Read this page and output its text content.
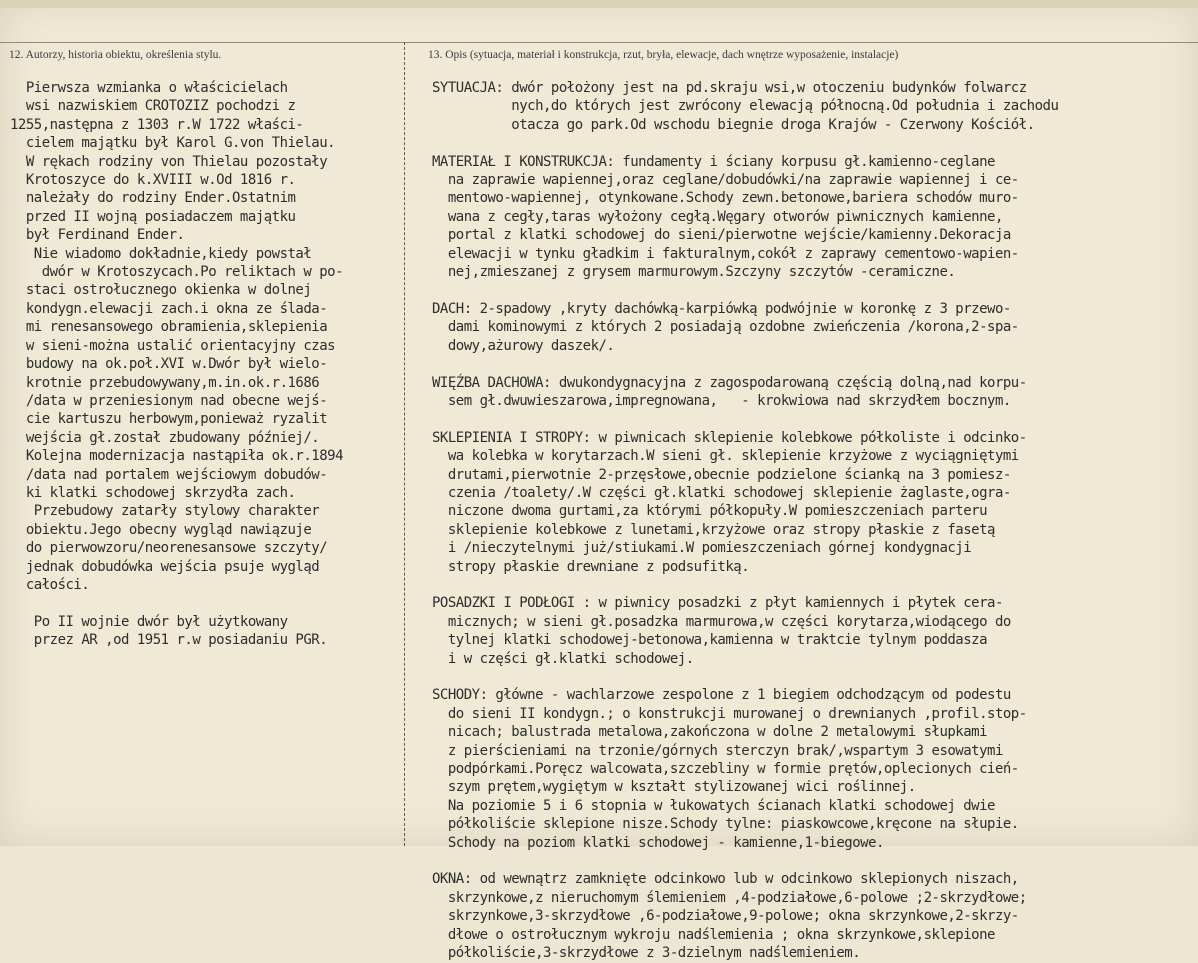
12. Autorzy, historia obiektu, określenia stylu.	13. Opis (sytuacja, materiał i konstrukcja, rzut, bryła, elewacje, dach wnętrze wyposażenie, instalacje)

Pierwsza wzmianka o właścicielach

wsi nazwiskiem CROTOZIZ pochodzi z

1255,następna z 1303 r.W 1722 właści-

cielem majątku był Karol G.von Thielau.

W rękach rodziny von Thielau pozostały

Krotoszyce do k.XVIII w.Od 1816 r.

należały do rodziny Ender.Ostatnim

przed II wojną posiadaczem majątku

był Ferdinand Ender.

Nie wiadomo dokładnie,kiedy powstał

dwór w Krotoszycach.Po reliktach w po-

staci ostrołucznego okienka w dolnej

kondygn.elewacji zach.i okna ze ślada-

mi renesansowego obramienia,sklepienia

w sieni-można ustalić orientacyjny czas

budowy na ok.poł.XVI w.Dwór był wielo-

krotnie przebudowywany,m.in.ok.r.1686

/data w przeniesionym nad obecne wejś-

cie kartuszu herbowym,ponieważ ryzalit

wejścia gł.został zbudowany później/.

Kolejna modernizacja nastąpiła ok.r.1894

/data nad portalem wejściowym dobudów-

ki klatki schodowej skrzydła zach.

Przebudowy zatarły stylowy charakter

obiektu.Jego obecny wygląd nawiązuje

do pierwowzoru/neorenesansowe szczyty/

jednak dobudówka wejścia psuje wygląd

całości.

Po II wojnie dwór był użytkowany

przez AR ,od 1951 r.w posiadaniu PGR.

SYTUACJA: dwór położony jest na pd.skraju wsi,w otoczeniu budynków folwarcz

nych,do których jest zwrócony elewacją północną.Od południa i zachodu

otacza go park.Od wschodu biegnie droga Krajów - Czerwony Kościół.

MATERIAŁ I KONSTRUKCJA: fundamenty i ściany korpusu gł.kamienno-ceglane

na zaprawie wapiennej,oraz ceglane/dobudówki/na zaprawie wapiennej i ce-

mentowo-wapiennej, otynkowane.Schody zewn.betonowe,bariera schodów muro-

wana z cegły,taras wyłożony cegłą.Węgary otworów piwnicznych kamienne,

portal z klatki schodowej do sieni/pierwotne wejście/kamienny.Dekoracja

elewacji w tynku gładkim i fakturalnym,cokół z zaprawy cementowo-wapien-

nej,zmieszanej z grysem marmurowym.Szczyny szczytów -ceramiczne.

DACH: 2-spadowy ,kryty dachówką-karpiówką podwójnie w koronkę z 3 przewo-

dami kominowymi z których 2 posiadają ozdobne zwieńczenia /korona,2-spa-

dowy,ażurowy daszek/.

WIĘŹBA DACHOWA: dwukondygnacyjna z zagospodarowaną częścią dolną,nad korpu-

sem gł.dwuwieszarowa,impregnowana,   - krokwiowa nad skrzydłem bocznym.

SKLEPIENIA I STROPY: w piwnicach sklepienie kolebkowe półkoliste i odcinko-

wa kolebka w korytarzach.W sieni gł. sklepienie krzyżowe z wyciągniętymi

drutami,pierwotnie 2-przęsłowe,obecnie podzielone ścianką na 3 pomiesz-

czenia /toalety/.W części gł.klatki schodowej sklepienie żaglaste,ogra-

niczone dwoma gurtami,za którymi półkopuły.W pomieszczeniach parteru

sklepienie kolebkowe z lunetami,krzyżowe oraz stropy płaskie z fasetą

i /nieczytelnymi już/stiukami.W pomieszczeniach górnej kondygnacji

stropy płaskie drewniane z podsufitką.

POSADZKI I PODŁOGI : w piwnicy posadzki z płyt kamiennych i płytek cera-

micznych; w sieni gł.posadzka marmurowa,w części korytarza,wiodącego do

tylnej klatki schodowej-betonowa,kamienna w traktcie tylnym poddasza

i w części gł.klatki schodowej.

SCHODY: główne - wachlarzowe zespolone z 1 biegiem odchodzącym od podestu

do sieni II kondygn.; o konstrukcji murowanej o drewnianych ,profil.stop-

nicach; balustrada metalowa,zakończona w dolne 2 metalowymi słupkami

z pierścieniami na trzonie/górnych sterczyn brak/,wspartym 3 esowatymi

podpórkami.Poręcz walcowata,szczebliny w formie prętów,oplecionych cień-

szym prętem,wygiętym w kształt stylizowanej wici roślinnej.

Na poziomie 5 i 6 stopnia w łukowatych ścianach klatki schodowej dwie

półkoliście sklepione nisze.Schody tylne: piaskowcowe,kręcone na słupie.

Schody na poziom klatki schodowej - kamienne,1-biegowe.

OKNA: od wewnątrz zamknięte odcinkowo lub w odcinkowo sklepionych niszach,

skrzynkowe,z nieruchomym ślemieniem ,4-podziałowe,6-polowe ;2-skrzydłowe;

skrzynkowe,3-skrzydłowe ,6-podziałowe,9-polowe; okna skrzynkowe,2-skrzy-

dłowe o ostrołucznym wykroju nadślemienia ; okna skrzynkowe,sklepione

półkoliście,3-skrzydłowe z 3-dzielnym nadślemieniem.
